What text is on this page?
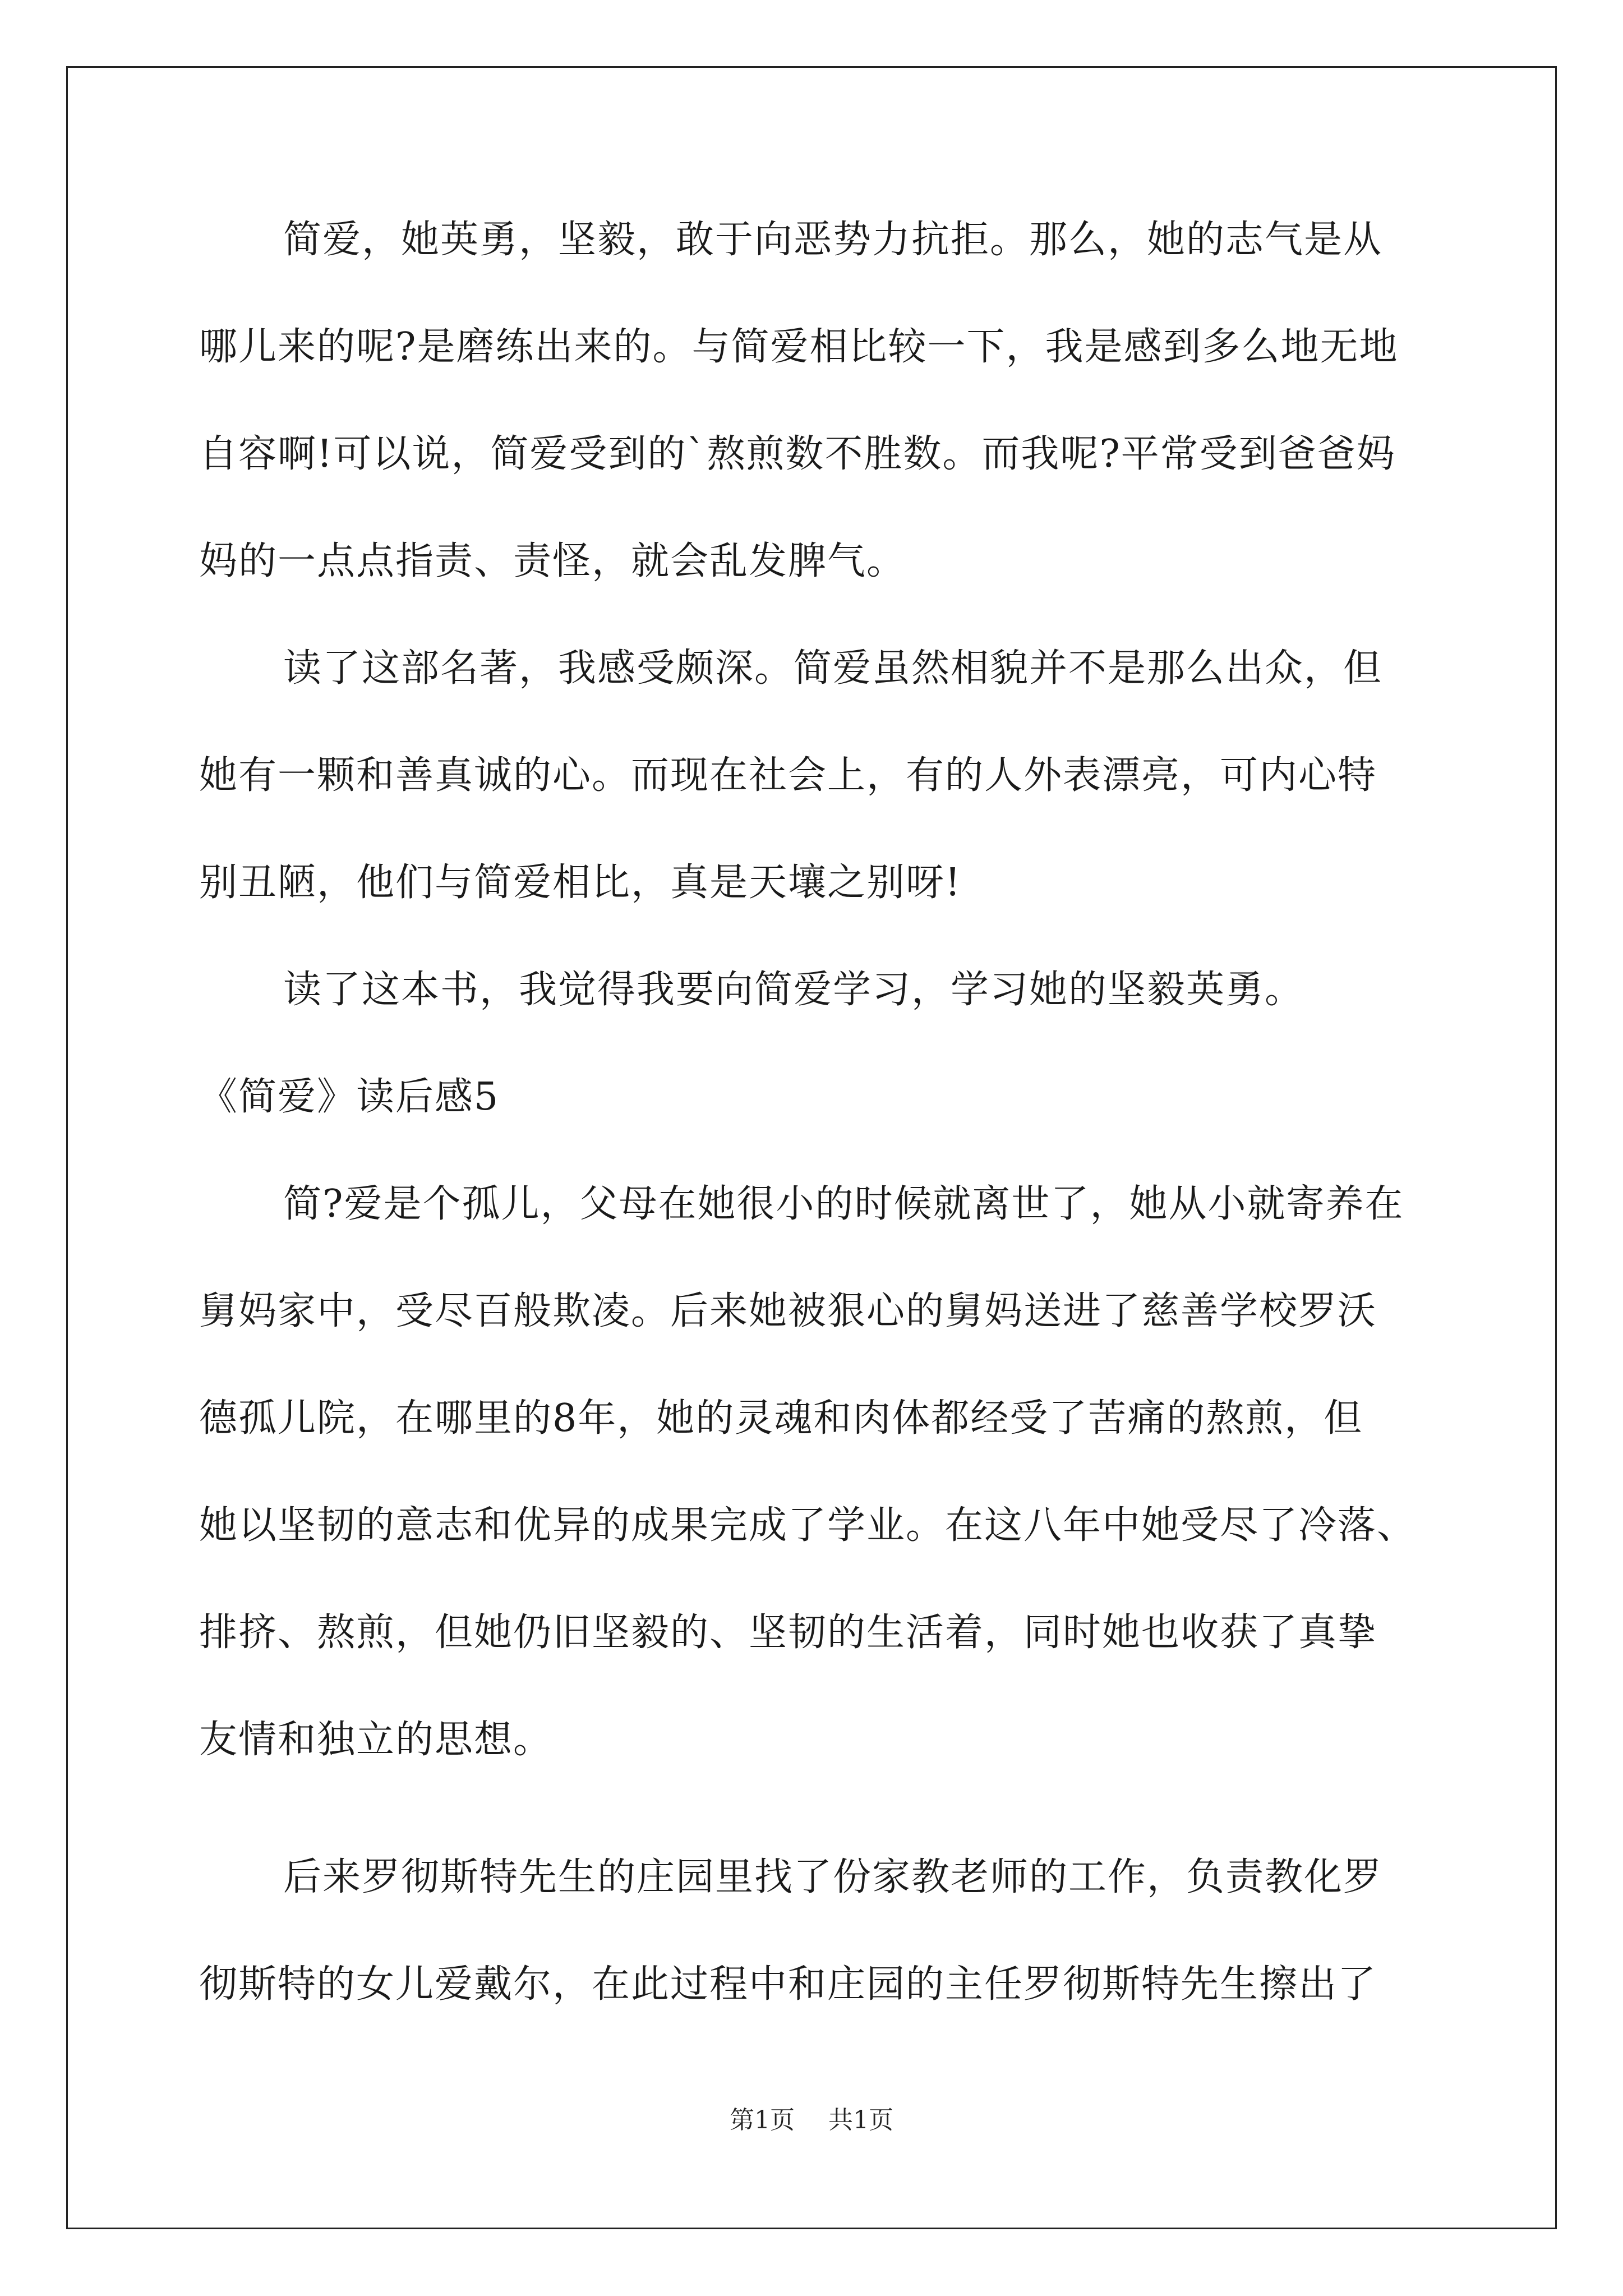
简爱，她英勇，坚毅，敢于向恶势力抗拒。那么，她的志气是从
哪儿来的呢?是磨练出来的。与简爱相比较一下，我是感到多么地无地
自容啊!可以说，简爱受到的`熬煎数不胜数。而我呢?平常受到爸爸妈
妈的一点点指责、责怪，就会乱发脾气。
读了这部名著，我感受颇深。简爱虽然相貌并不是那么出众，但
她有一颗和善真诚的心。而现在社会上，有的人外表漂亮，可内心特
别丑陋，他们与简爱相比，真是天壤之别呀!
读了这本书，我觉得我要向简爱学习，学习她的坚毅英勇。
《简爱》读后感5
简?爱是个孤儿，父母在她很小的时候就离世了，她从小就寄养在
舅妈家中，受尽百般欺凌。后来她被狠心的舅妈送进了慈善学校罗沃
德孤儿院，在哪里的8年，她的灵魂和肉体都经受了苦痛的熬煎，但
她以坚韧的意志和优异的成果完成了学业。在这八年中她受尽了冷落、
排挤、熬煎，但她仍旧坚毅的、坚韧的生活着，同时她也收获了真挚
友情和独立的思想。
后来罗彻斯特先生的庄园里找了份家教老师的工作，负责教化罗
彻斯特的女儿爱戴尔，在此过程中和庄园的主任罗彻斯特先生擦出了
第1页 共1页
